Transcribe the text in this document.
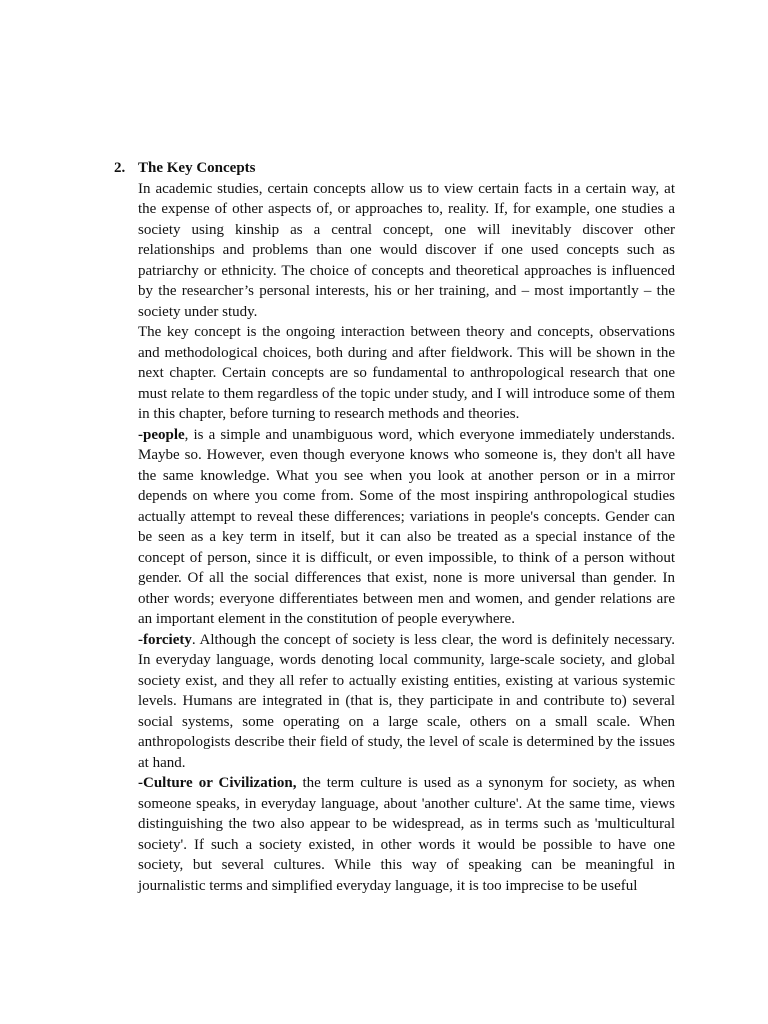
2. The Key Concepts

In academic studies, certain concepts allow us to view certain facts in a certain way, at the expense of other aspects of, or approaches to, reality. If, for example, one studies a society using kinship as a central concept, one will inevitably discover other relationships and problems than one would discover if one used concepts such as patriarchy or ethnicity. The choice of concepts and theoretical approaches is influenced by the researcher’s personal interests, his or her training, and – most importantly – the society under study.

The key concept is the ongoing interaction between theory and concepts, observations and methodological choices, both during and after fieldwork. This will be shown in the next chapter. Certain concepts are so fundamental to anthropological research that one must relate to them regardless of the topic under study, and I will introduce some of them in this chapter, before turning to research methods and theories.

-people, is a simple and unambiguous word, which everyone immediately understands. Maybe so. However, even though everyone knows who someone is, they don't all have the same knowledge. What you see when you look at another person or in a mirror depends on where you come from. Some of the most inspiring anthropological studies actually attempt to reveal these differences; variations in people's concepts. Gender can be seen as a key term in itself, but it can also be treated as a special instance of the concept of person, since it is difficult, or even impossible, to think of a person without gender. Of all the social differences that exist, none is more universal than gender. In other words; everyone differentiates between men and women, and gender relations are an important element in the constitution of people everywhere.

-forciety. Although the concept of society is less clear, the word is definitely necessary. In everyday language, words denoting local community, large-scale society, and global society exist, and they all refer to actually existing entities, existing at various systemic levels. Humans are integrated in (that is, they participate in and contribute to) several social systems, some operating on a large scale, others on a small scale. When anthropologists describe their field of study, the level of scale is determined by the issues at hand.

-Culture or Civilization, the term culture is used as a synonym for society, as when someone speaks, in everyday language, about 'another culture'. At the same time, views distinguishing the two also appear to be widespread, as in terms such as 'multicultural society'. If such a society existed, in other words it would be possible to have one society, but several cultures. While this way of speaking can be meaningful in journalistic terms and simplified everyday language, it is too imprecise to be useful
